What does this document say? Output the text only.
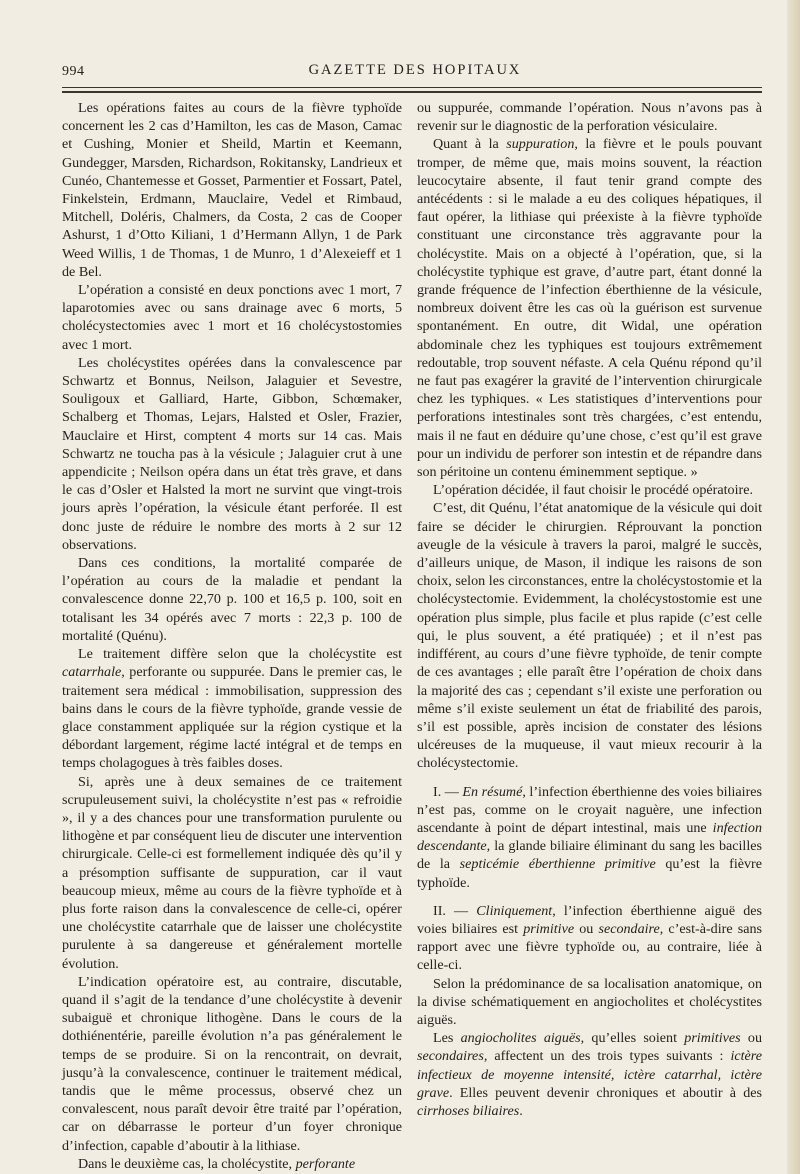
994	GAZETTE DES HOPITAUX

Les opérations faites au cours de la fièvre typhoïde concernent les 2 cas d’Hamilton, les cas de Mason, Camac et Cushing, Monier et Sheild, Martin et Keemann, Gundegger, Marsden, Richardson, Rokitansky, Landrieux et Cunéo, Chantemesse et Gosset, Parmentier et Fossart, Patel, Finkelstein, Erdmann, Mauclaire, Vedel et Rimbaud, Mitchell, Doléris, Chalmers, da Costa, 2 cas de Cooper Ashurst, 1 d’Otto Kiliani, 1 d’Hermann Allyn, 1 de Park Weed Willis, 1 de Thomas, 1 de Munro, 1 d’Alexeieff et 1 de Bel.

L’opération a consisté en deux ponctions avec 1 mort, 7 laparotomies avec ou sans drainage avec 6 morts, 5 cholécystectomies avec 1 mort et 16 cholécystostomies avec 1 mort.

Les cholécystites opérées dans la convalescence par Schwartz et Bonnus, Neilson, Jalaguier et Sevestre, Souligoux et Galliard, Harte, Gibbon, Schœmaker, Schalberg et Thomas, Lejars, Halsted et Osler, Frazier, Mauclaire et Hirst, comptent 4 morts sur 14 cas. Mais Schwartz ne toucha pas à la vésicule ; Jalaguier crut à une appendicite ; Neilson opéra dans un état très grave, et dans le cas d’Osler et Halsted la mort ne survint que vingt-trois jours après l’opération, la vésicule étant perforée. Il est donc juste de réduire le nombre des morts à 2 sur 12 observations.

Dans ces conditions, la mortalité comparée de l’opération au cours de la maladie et pendant la convalescence donne 22,70 p. 100 et 16,5 p. 100, soit en totalisant les 34 opérés avec 7 morts : 22,3 p. 100 de mortalité (Quénu).

Le traitement diffère selon que la cholécystite est catarrhale, perforante ou suppurée. Dans le premier cas, le traitement sera médical : immobilisation, suppression des bains dans le cours de la fièvre typhoïde, grande vessie de glace constamment appliquée sur la région cystique et la débordant largement, régime lacté intégral et de temps en temps cholagogues à très faibles doses.

Si, après une à deux semaines de ce traitement scrupuleusement suivi, la cholécystite n’est pas « refroidie », il y a des chances pour une transformation purulente ou lithogène et par conséquent lieu de discuter une intervention chirurgicale. Celle-ci est formellement indiquée dès qu’il y a présomption suffisante de suppuration, car il vaut beaucoup mieux, même au cours de la fièvre typhoïde et à plus forte raison dans la convalescence de celle-ci, opérer une cholécystite catarrhale que de laisser une cholécystite purulente à sa dangereuse et généralement mortelle évolution.

L’indication opératoire est, au contraire, discutable, quand il s’agit de la tendance d’une cholécystite à devenir subaiguë et chronique lithogène. Dans le cours de la dothiénentérie, pareille évolution n’a pas généralement le temps de se produire. Si on la rencontrait, on devrait, jusqu’à la convalescence, continuer le traitement médical, tandis que le même processus, observé chez un convalescent, nous paraît devoir être traité par l’opération, car on débarrasse le porteur d’un foyer chronique d’infection, capable d’aboutir à la lithiase.

Dans le deuxième cas, la cholécystite, perforante

ou suppurée, commande l’opération. Nous n’avons pas à revenir sur le diagnostic de la perforation vésiculaire.

Quant à la suppuration, la fièvre et le pouls pouvant tromper, de même que, mais moins souvent, la réaction leucocytaire absente, il faut tenir grand compte des antécédents : si le malade a eu des coliques hépatiques, il faut opérer, la lithiase qui préexiste à la fièvre typhoïde constituant une circonstance très aggravante pour la cholécystite. Mais on a objecté à l’opération, que, si la cholécystite typhique est grave, d’autre part, étant donné la grande fréquence de l’infection éberthienne de la vésicule, nombreux doivent être les cas où la guérison est survenue spontanément. En outre, dit Widal, une opération abdominale chez les typhiques est toujours extrêmement redoutable, trop souvent néfaste. A cela Quénu répond qu’il ne faut pas exagérer la gravité de l’intervention chirurgicale chez les typhiques. « Les statistiques d’interventions pour perforations intestinales sont très chargées, c’est entendu, mais il ne faut en déduire qu’une chose, c’est qu’il est grave pour un individu de perforer son intestin et de répandre dans son péritoine un contenu éminemment septique. »

L’opération décidée, il faut choisir le procédé opératoire.

C’est, dit Quénu, l’état anatomique de la vésicule qui doit faire se décider le chirurgien. Réprouvant la ponction aveugle de la vésicule à travers la paroi, malgré le succès, d’ailleurs unique, de Mason, il indique les raisons de son choix, selon les circonstances, entre la cholécystostomie et la cholécystectomie. Evidemment, la cholécystostomie est une opération plus simple, plus facile et plus rapide (c’est celle qui, le plus souvent, a été pratiquée) ; et il n’est pas indifférent, au cours d’une fièvre typhoïde, de tenir compte de ces avantages ; elle paraît être l’opération de choix dans la majorité des cas ; cependant s’il existe une perforation ou même s’il existe seulement un état de friabilité des parois, s’il est possible, après incision de constater des lésions ulcéreuses de la muqueuse, il vaut mieux recourir à la cholécystectomie.

I. — En résumé, l’infection éberthienne des voies biliaires n’est pas, comme on le croyait naguère, une infection ascendante à point de départ intestinal, mais une infection descendante, la glande biliaire éliminant du sang les bacilles de la septicémie éberthienne primitive qu’est la fièvre typhoïde.

II. — Cliniquement, l’infection éberthienne aiguë des voies biliaires est primitive ou secondaire, c’est-à-dire sans rapport avec une fièvre typhoïde ou, au contraire, liée à celle-ci.

Selon la prédominance de sa localisation anatomique, on la divise schématiquement en angiocholites et cholécystites aiguës.

Les angiocholites aiguës, qu’elles soient primitives ou secondaires, affectent un des trois types suivants : ictère infectieux de moyenne intensité, ictère catarrhal, ictère grave. Elles peuvent devenir chroniques et aboutir à des cirrhoses biliaires.
